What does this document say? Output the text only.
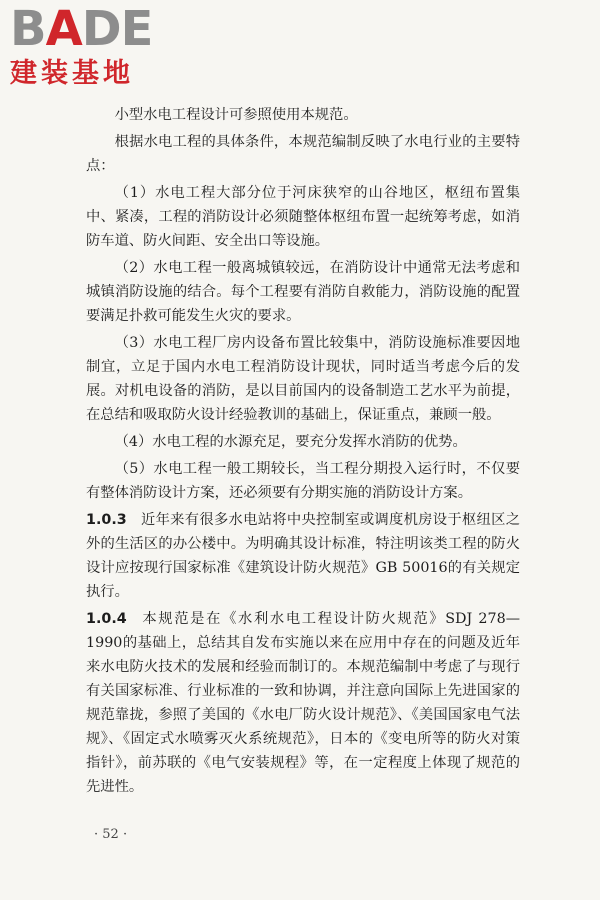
BADE
建装基地

小型水电工程设计可参照使用本规范。

根据水电工程的具体条件，本规范编制反映了水电行业的主要特点：

（1）水电工程大部分位于河床狭窄的山谷地区，枢纽布置集中、紧凑，工程的消防设计必须随整体枢纽布置一起统筹考虑，如消防车道、防火间距、安全出口等设施。

（2）水电工程一般离城镇较远，在消防设计中通常无法考虑和城镇消防设施的结合。每个工程要有消防自救能力，消防设施的配置要满足扑救可能发生火灾的要求。

（3）水电工程厂房内设备布置比较集中，消防设施标准要因地制宜，立足于国内水电工程消防设计现状，同时适当考虑今后的发展。对机电设备的消防，是以目前国内的设备制造工艺水平为前提，在总结和吸取防火设计经验教训的基础上，保证重点，兼顾一般。

（4）水电工程的水源充足，要充分发挥水消防的优势。

（5）水电工程一般工期较长，当工程分期投入运行时，不仅要有整体消防设计方案，还必须要有分期实施的消防设计方案。

1.0.3 近年来有很多水电站将中央控制室或调度机房设于枢纽区之外的生活区的办公楼中。为明确其设计标准，特注明该类工程的防火设计应按现行国家标准《建筑设计防火规范》GB 50016的有关规定执行。

1.0.4 本规范是在《水利水电工程设计防火规范》SDJ 278—1990的基础上，总结其自发布实施以来在应用中存在的问题及近年来水电防火技术的发展和经验而制订的。本规范编制中考虑了与现行有关国家标准、行业标准的一致和协调，并注意向国际上先进国家的规范靠拢，参照了美国的《水电厂防火设计规范》、《美国国家电气法规》、《固定式水喷雾灭火系统规范》，日本的《变电所等的防火对策指针》，前苏联的《电气安装规程》等，在一定程度上体现了规范的先进性。

· 52 ·
